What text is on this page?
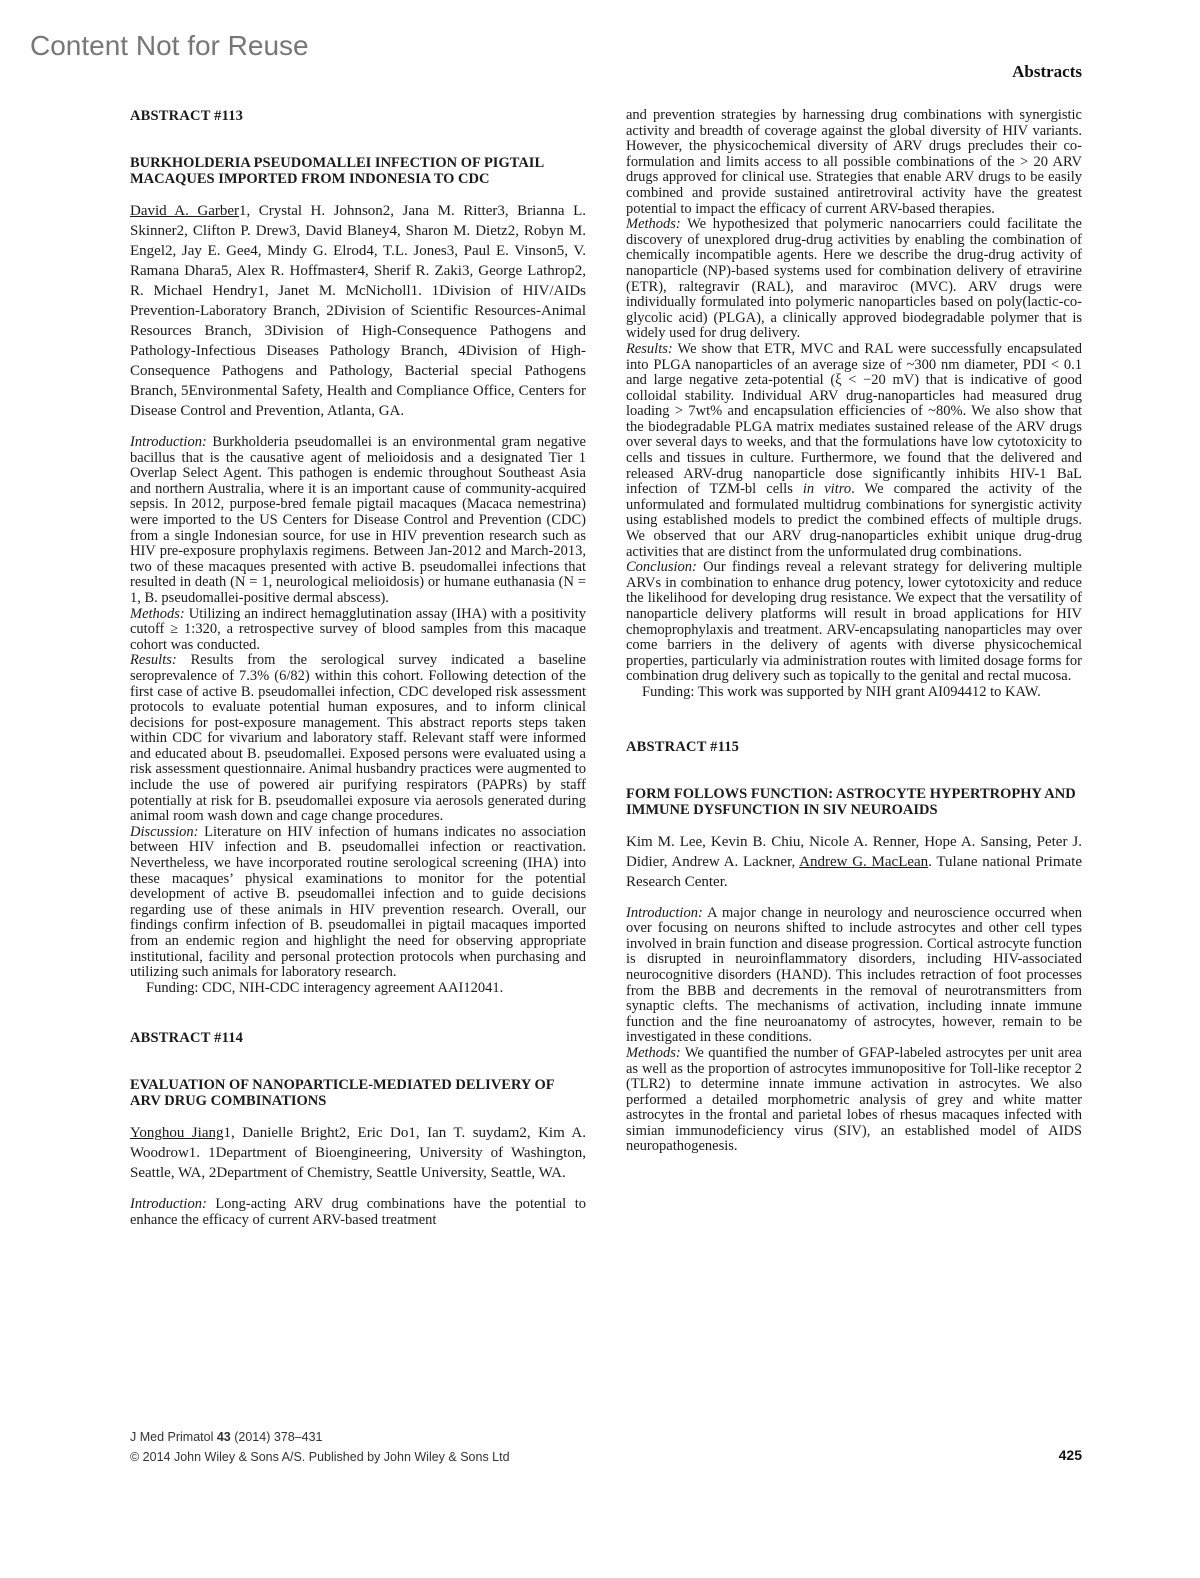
Content Not for Reuse
Abstracts
ABSTRACT #113
BURKHOLDERIA PSEUDOMALLEI INFECTION OF PIGTAIL MACAQUES IMPORTED FROM INDONESIA TO CDC
David A. Garber1, Crystal H. Johnson2, Jana M. Ritter3, Brianna L. Skinner2, Clifton P. Drew3, David Blaney4, Sharon M. Dietz2, Robyn M. Engel2, Jay E. Gee4, Mindy G. Elrod4, T.L. Jones3, Paul E. Vinson5, V. Ramana Dhara5, Alex R. Hoffmaster4, Sherif R. Zaki3, George Lathrop2, R. Michael Hendry1, Janet M. McNicholl1. 1Division of HIV/AIDs Prevention-Laboratory Branch, 2Division of Scientific Resources-Animal Resources Branch, 3Division of High-Consequence Pathogens and Pathology-Infectious Diseases Pathology Branch, 4Division of High-Consequence Pathogens and Pathology, Bacterial special Pathogens Branch, 5Environmental Safety, Health and Compliance Office, Centers for Disease Control and Prevention, Atlanta, GA.

Introduction: Burkholderia pseudomallei is an environmental gram negative bacillus that is the causative agent of melioidosis and a designated Tier 1 Overlap Select Agent. This pathogen is endemic throughout Southeast Asia and northern Australia, where it is an important cause of community-acquired sepsis. In 2012, purpose-bred female pigtail macaques (Macaca nemestrina) were imported to the US Centers for Disease Control and Prevention (CDC) from a single Indonesian source, for use in HIV prevention research such as HIV pre-exposure prophylaxis regimens. Between Jan-2012 and March-2013, two of these macaques presented with active B. pseudomallei infections that resulted in death (N = 1, neurological melioidosis) or humane euthanasia (N = 1, B. pseudomallei-positive dermal abscess).

Methods: Utilizing an indirect hemagglutination assay (IHA) with a positivity cutoff ≥ 1:320, a retrospective survey of blood samples from this macaque cohort was conducted.

Results: Results from the serological survey indicated a baseline seroprevalence of 7.3% (6/82) within this cohort. Following detection of the first case of active B. pseudomallei infection, CDC developed risk assessment protocols to evaluate potential human exposures, and to inform clinical decisions for post-exposure management. This abstract reports steps taken within CDC for vivarium and laboratory staff. Relevant staff were informed and educated about B. pseudomallei. Exposed persons were evaluated using a risk assessment questionnaire. Animal husbandry practices were augmented to include the use of powered air purifying respirators (PAPRs) by staff potentially at risk for B. pseudomallei exposure via aerosols generated during animal room wash down and cage change procedures.

Discussion: Literature on HIV infection of humans indicates no association between HIV infection and B. pseudomallei infection or reactivation. Nevertheless, we have incorporated routine serological screening (IHA) into these macaques’ physical examinations to monitor for the potential development of active B. pseudomallei infection and to guide decisions regarding use of these animals in HIV prevention research. Overall, our findings confirm infection of B. pseudomallei in pigtail macaques imported from an endemic region and highlight the need for observing appropriate institutional, facility and personal protection protocols when purchasing and utilizing such animals for laboratory research.

Funding: CDC, NIH-CDC interagency agreement AAI12041.

ABSTRACT #114
EVALUATION OF NANOPARTICLE-MEDIATED DELIVERY OF ARV DRUG COMBINATIONS
Yonghou Jiang1, Danielle Bright2, Eric Do1, Ian T. suydam2, Kim A. Woodrow1. 1Department of Bioengineering, University of Washington, Seattle, WA, 2Department of Chemistry, Seattle University, Seattle, WA.

Introduction: Long-acting ARV drug combinations have the potential to enhance the efficacy of current ARV-based treatment

and prevention strategies by harnessing drug combinations with synergistic activity and breadth of coverage against the global diversity of HIV variants. However, the physicochemical diversity of ARV drugs precludes their co-formulation and limits access to all possible combinations of the > 20 ARV drugs approved for clinical use. Strategies that enable ARV drugs to be easily combined and provide sustained antiretroviral activity have the greatest potential to impact the efficacy of current ARV-based therapies.

Methods: We hypothesized that polymeric nanocarriers could facilitate the discovery of unexplored drug-drug activities by enabling the combination of chemically incompatible agents. Here we describe the drug-drug activity of nanoparticle (NP)-based systems used for combination delivery of etravirine (ETR), raltegravir (RAL), and maraviroc (MVC). ARV drugs were individually formulated into polymeric nanoparticles based on poly(lactic-co-glycolic acid) (PLGA), a clinically approved biodegradable polymer that is widely used for drug delivery.

Results: We show that ETR, MVC and RAL were successfully encapsulated into PLGA nanoparticles of an average size of ~300 nm diameter, PDI < 0.1 and large negative zeta-potential (ξ < −20 mV) that is indicative of good colloidal stability. Individual ARV drug-nanoparticles had measured drug loading > 7wt% and encapsulation efficiencies of ~80%. We also show that the biodegradable PLGA matrix mediates sustained release of the ARV drugs over several days to weeks, and that the formulations have low cytotoxicity to cells and tissues in culture. Furthermore, we found that the delivered and released ARV-drug nanoparticle dose significantly inhibits HIV-1 BaL infection of TZM-bl cells in vitro. We compared the activity of the unformulated and formulated multidrug combinations for synergistic activity using established models to predict the combined effects of multiple drugs. We observed that our ARV drug-nanoparticles exhibit unique drug-drug activities that are distinct from the unformulated drug combinations.

Conclusion: Our findings reveal a relevant strategy for delivering multiple ARVs in combination to enhance drug potency, lower cytotoxicity and reduce the likelihood for developing drug resistance. We expect that the versatility of nanoparticle delivery platforms will result in broad applications for HIV chemoprophylaxis and treatment. ARV-encapsulating nanoparticles may over come barriers in the delivery of agents with diverse physicochemical properties, particularly via administration routes with limited dosage forms for combination drug delivery such as topically to the genital and rectal mucosa.

Funding: This work was supported by NIH grant AI094412 to KAW.

ABSTRACT #115
FORM FOLLOWS FUNCTION: ASTROCYTE HYPERTROPHY AND IMMUNE DYSFUNCTION IN SIV NEUROAIDS
Kim M. Lee, Kevin B. Chiu, Nicole A. Renner, Hope A. Sansing, Peter J. Didier, Andrew A. Lackner, Andrew G. MacLean. Tulane national Primate Research Center.

Introduction: A major change in neurology and neuroscience occurred when over focusing on neurons shifted to include astrocytes and other cell types involved in brain function and disease progression. Cortical astrocyte function is disrupted in neuroinflammatory disorders, including HIV-associated neurocognitive disorders (HAND). This includes retraction of foot processes from the BBB and decrements in the removal of neurotransmitters from synaptic clefts. The mechanisms of activation, including innate immune function and the fine neuroanatomy of astrocytes, however, remain to be investigated in these conditions.

Methods: We quantified the number of GFAP-labeled astrocytes per unit area as well as the proportion of astrocytes immunopositive for Toll-like receptor 2 (TLR2) to determine innate immune activation in astrocytes. We also performed a detailed morphometric analysis of grey and white matter astrocytes in the frontal and parietal lobes of rhesus macaques infected with simian immunodeficiency virus (SIV), an established model of AIDS neuropathogenesis.

J Med Primatol 43 (2014) 378–431
© 2014 John Wiley & Sons A/S. Published by John Wiley & Sons Ltd	425
